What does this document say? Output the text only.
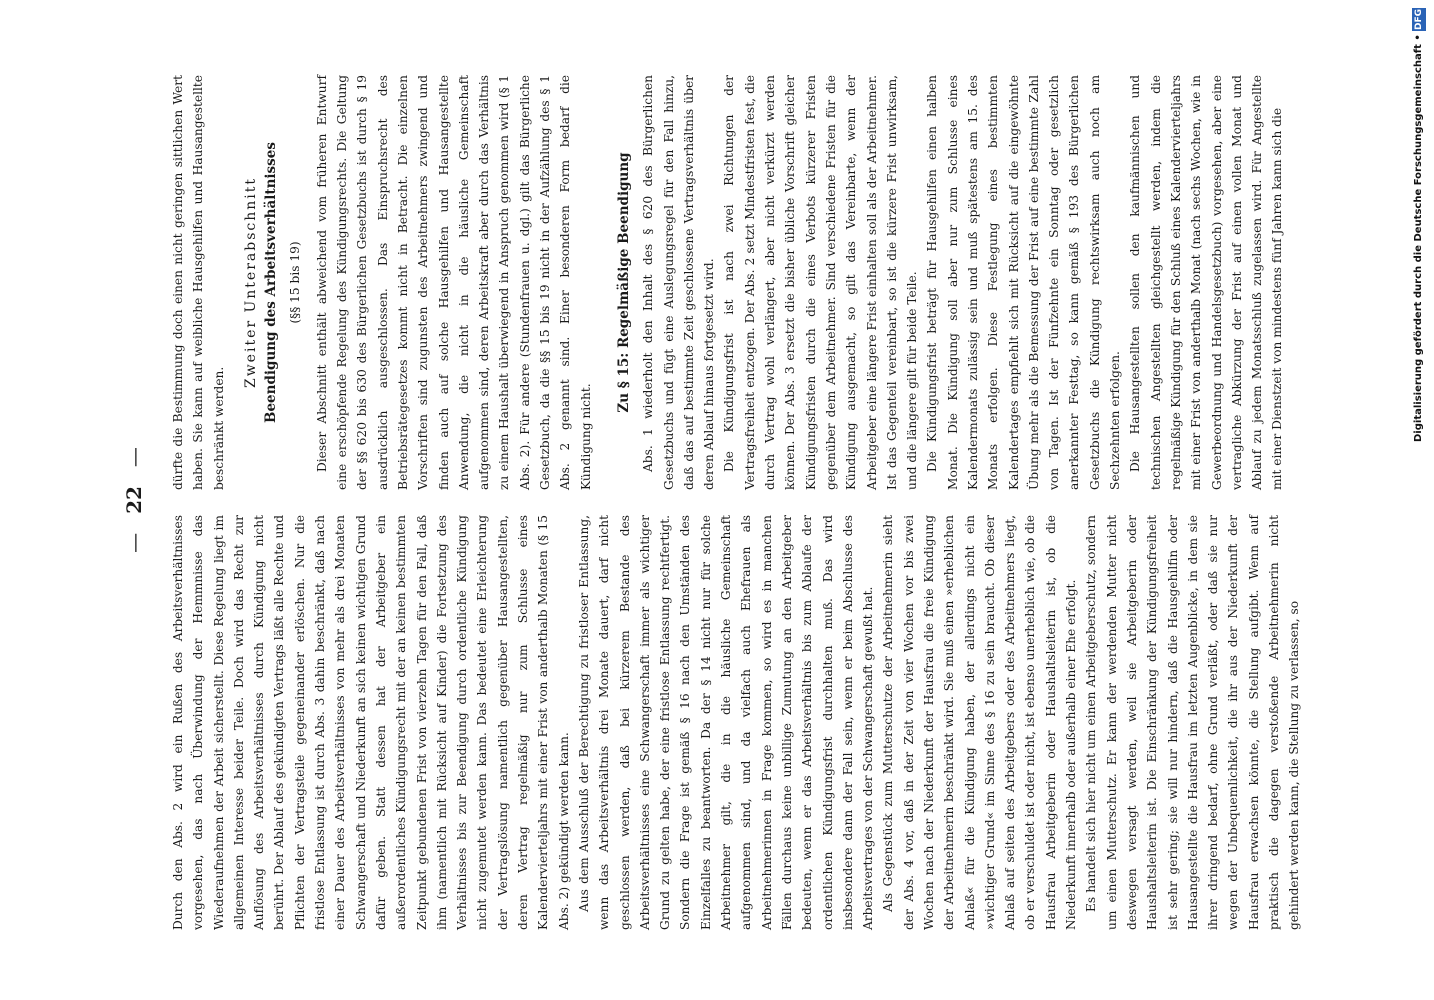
— 22 —

Durch den Abs. 2 wird ein Rußen des Arbeitsverhältnisses vorgesehen, das nach Überwindung der Hemmnisse das Wiederaufnehmen der Arbeit sicherstellt. Diese Regelung liegt im allgemeinen Interesse beider Teile. Doch wird das Recht zur Auflösung des Arbeitsverhältnisses durch Kündigung nicht berührt. Der Ablauf des gekündigten Vertrags läßt alle Rechte und Pflichten der Vertragsteile gegeneinander erlöschen. Nur die fristlose Entlassung ist durch Abs. 3 dahin beschränkt, daß nach einer Dauer des Arbeitsverhältnisses von mehr als drei Monaten Schwangerschaft und Niederkunft an sich keinen wichtigen Grund dafür geben. Statt dessen hat der Arbeitgeber ein außerordentliches Kündigungsrecht mit der an keinen bestimmten Zeitpunkt gebundenen Frist von vierzehn Tagen für den Fall, daß ihm (namentlich mit Rücksicht auf Kinder) die Fortsetzung des Verhältnisses bis zur Beendigung durch ordentliche Kündigung nicht zugemutet werden kann. Das bedeutet eine Erleichterung der Vertragslösung namentlich gegenüber Hausangestellten, deren Vertrag regelmäßig nur zum Schlusse eines Kalendervierteljahrs mit einer Frist von anderthalb Monaten (§ 15 Abs. 2) gekündigt werden kann. Aus dem Ausschluß der Berechtigung zu fristloser Entlassung, wenn das Arbeitsverhältnis drei Monate dauert, darf nicht geschlossen werden, daß bei kürzerem Bestande des Arbeitsverhältnisses eine Schwangerschaft immer als wichtiger Grund zu gelten habe, der eine fristlose Entlassung rechtfertigt. Sondern die Frage ist gemäß § 16 nach den Umständen des Einzelfalles zu beantworten. Da der § 14 nicht nur für solche Arbeitnehmer gilt, die in die häusliche Gemeinschaft aufgenommen sind, und da vielfach auch Ehefrauen als Arbeitnehmerinnen in Frage kommen, so wird es in manchen Fällen durchaus keine unbillige Zumutung an den Arbeitgeber bedeuten, wenn er das Arbeitsverhältnis bis zum Ablaufe der ordentlichen Kündigungsfrist durchhalten muß. Das wird insbesondere dann der Fall sein, wenn er beim Abschlusse des Arbeitsvertrages von der Schwangerschaft gewußt hat. Als Gegenstück zum Mutterschutze der Arbeitnehmerin sieht der Abs. 4 vor, daß in der Zeit von vier Wochen vor bis zwei Wochen nach der Niederkunft der Hausfrau die freie Kündigung der Arbeitnehmerin beschränkt wird. Sie muß einen »erheblichen Anlaß« für die Kündigung haben, der allerdings nicht ein »wichtiger Grund« im Sinne des § 16 zu sein braucht. Ob dieser Anlaß auf seiten des Arbeitgebers oder des Arbeitnehmers liegt, ob er verschuldet ist oder nicht, ist ebenso unerheblich wie, ob die Hausfrau Arbeitgeberin oder Haushaltsleiterin ist, ob die Niederkunft innerhalb oder außerhalb einer Ehe erfolgt. Es handelt sich hier nicht um einen Arbeitgeberschutz, sondern um einen Mutterschutz. Er kann der werdenden Mutter nicht deswegen versagt werden, weil sie Arbeitgeberin oder Haushaltsleiterin ist. Die Einschränkung der Kündigungsfreiheit ist sehr gering; sie will nur hindern, daß die Hausgehilfin oder Hausangestellte die Hausfrau im letzten Augenblicke, in dem sie ihrer dringend bedarf, ohne Grund verläßt, oder daß sie nur wegen der Unbequemlichkeit, die ihr aus der Niederkunft der Hausfrau erwachsen könnte, die Stellung aufgibt. Wenn auf praktisch die dagegen verstoßende Arbeitnehmerin nicht gehindert werden kann, die Stellung zu verlassen, so

dürfte die Bestimmung doch einen nicht geringen sittlichen Wert haben. Sie kann auf weibliche Hausgehilfen und Hausangestellte beschränkt werden.

Zweiter Unterabschnitt Beendigung des Arbeitsverhältnisses (§§ 15 bis 19) Dieser Abschnitt enthält abweichend vom früheren Entwurf eine erschöpfende Regelung des Kündigungsrechts. Die Geltung der §§ 620 bis 630 des Bürgerlichen Gesetzbuchs ist durch § 19 ausdrücklich ausgeschlossen. Das Einspruchsrecht des Betriebsrätegesetzes kommt nicht in Betracht. Die einzelnen Vorschriften sind zugunsten des Arbeitnehmers zwingend und finden auch auf solche Hausgehilfen und Hausangestellte Anwendung, die nicht in die häusliche Gemeinschaft aufgenommen sind, deren Arbeitskraft aber durch das Verhältnis zu einem Haushalt überwiegend in Anspruch genommen wird (§ 1 Abs. 2). Für andere (Stundenfrauen u. dgl.) gilt das Bürgerliche Gesetzbuch, da die §§ 15 bis 19 nicht in der Aufzählung des § 1 Abs. 2 genannt sind. Einer besonderen Form bedarf die Kündigung nicht.

Zu § 15: Regelmäßige Beendigung Abs. 1 wiederholt den Inhalt des § 620 des Bürgerlichen Gesetzbuchs und fügt eine Auslegungsregel für den Fall hinzu, daß das auf bestimmte Zeit geschlossene Vertragsverhältnis über deren Ablauf hinaus fortgesetzt wird. Die Kündigungsfrist ist nach zwei Richtungen der Vertragsfreiheit entzogen. Der Abs. 2 setzt Mindestfristen fest, die durch Vertrag wohl verlängert, aber nicht verkürzt werden können. Der Abs. 3 ersetzt die bisher übliche Vorschrift gleicher Kündigungsfristen durch die eines Verbots kürzerer Fristen gegenüber dem Arbeitnehmer. Sind verschiedene Fristen für die Kündigung ausgemacht, so gilt das Vereinbarte, wenn der Arbeitgeber eine längere Frist einhalten soll als der Arbeitnehmer. Ist das Gegenteil vereinbart, so ist die kürzere Frist unwirksam, und die längere gilt für beide Teile. Die Kündigungsfrist beträgt für Hausgehilfen einen halben Monat. Die Kündigung soll aber nur zum Schlusse eines Kalendermonats zulässig sein und muß spätestens am 15. des Monats erfolgen. Diese Festlegung eines bestimmten Kalendertages empfiehlt sich mit Rücksicht auf die eingewöhnte Übung mehr als die Bemessung der Frist auf eine bestimmte Zahl von Tagen. Ist der Fünfzehnte ein Sonntag oder gesetzlich anerkannter Festtag, so kann gemäß § 193 des Bürgerlichen Gesetzbuchs die Kündigung rechtswirksam auch noch am Sechzehnten erfolgen. Die Hausangestellten sollen den kaufmännischen und technischen Angestellten gleichgestellt werden, indem die regelmäßige Kündigung für den Schluß eines Kalendervierteljahrs mit einer Frist von anderthalb Monat (nach sechs Wochen, wie in Gewerbeordnung und Handelsgesetzbuch) vorgesehen, aber eine vertragliche Abkürzung der Frist auf einen vollen Monat und Ablauf zu jedem Monatsschluß zugelassen wird. Für Angestellte mit einer Dienstzeit von mindestens fünf Jahren kann sich die	Digitalisierung gefördert durch die Deutsche Forschungsgemeinschaft • DFG
